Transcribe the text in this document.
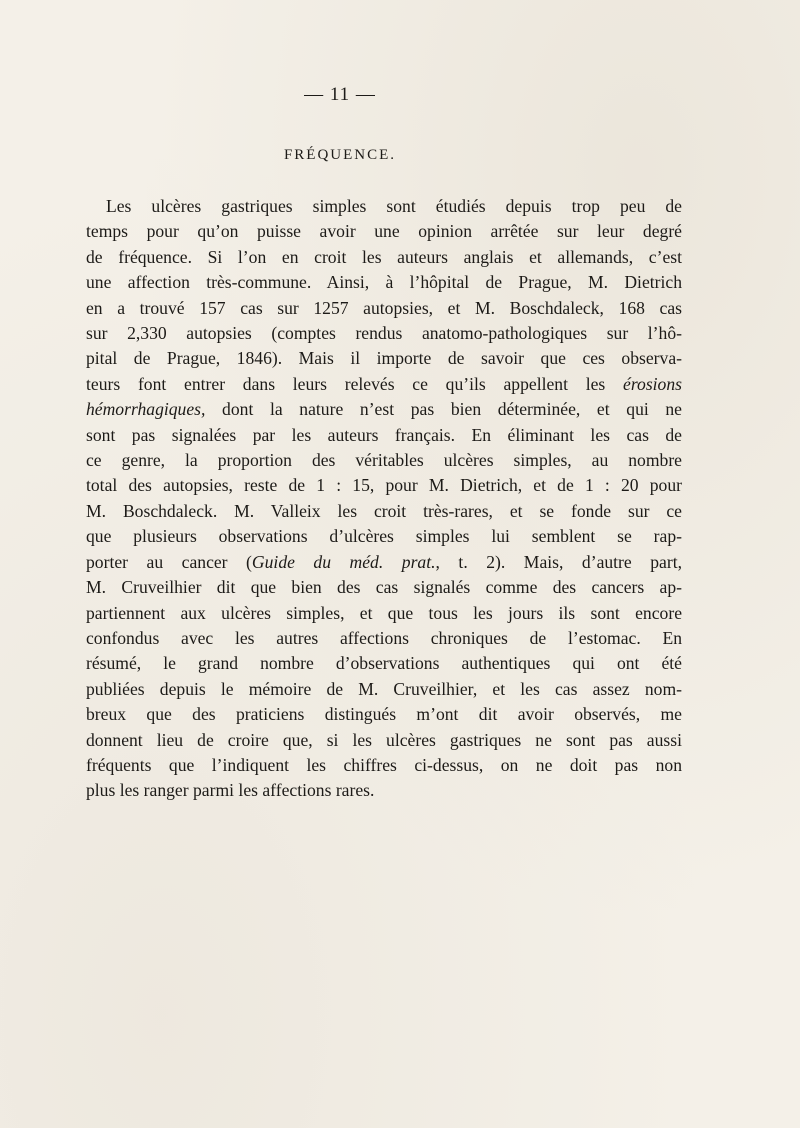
— 11 —
FRÉQUENCE.

Les ulcères gastriques simples sont étudiés depuis trop peu de
temps pour qu’on puisse avoir une opinion arrêtée sur leur degré
de fréquence. Si l’on en croit les auteurs anglais et allemands, c’est
une affection très-commune. Ainsi, à l’hôpital de Prague, M. Dietrich
en a trouvé 157 cas sur 1257 autopsies, et M. Boschdaleck, 168 cas
sur 2,330 autopsies (comptes rendus anatomo-pathologiques sur l’hô-
pital de Prague, 1846). Mais il importe de savoir que ces observa-
teurs font entrer dans leurs relevés ce qu’ils appellent les érosions
hémorrhagiques, dont la nature n’est pas bien déterminée, et qui ne
sont pas signalées par les auteurs français. En éliminant les cas de
ce genre, la proportion des véritables ulcères simples, au nombre
total des autopsies, reste de 1 : 15, pour M. Dietrich, et de 1 : 20 pour
M. Boschdaleck. M. Valleix les croit très-rares, et se fonde sur ce
que plusieurs observations d’ulcères simples lui semblent se rap-
porter au cancer (Guide du méd. prat., t. 2). Mais, d’autre part,
M. Cruveilhier dit que bien des cas signalés comme des cancers ap-
partiennent aux ulcères simples, et que tous les jours ils sont encore
confondus avec les autres affections chroniques de l’estomac. En
résumé, le grand nombre d’observations authentiques qui ont été
publiées depuis le mémoire de M. Cruveilhier, et les cas assez nom-
breux que des praticiens distingués m’ont dit avoir observés, me
donnent lieu de croire que, si les ulcères gastriques ne sont pas aussi
fréquents que l’indiquent les chiffres ci-dessus, on ne doit pas non
plus les ranger parmi les affections rares.
